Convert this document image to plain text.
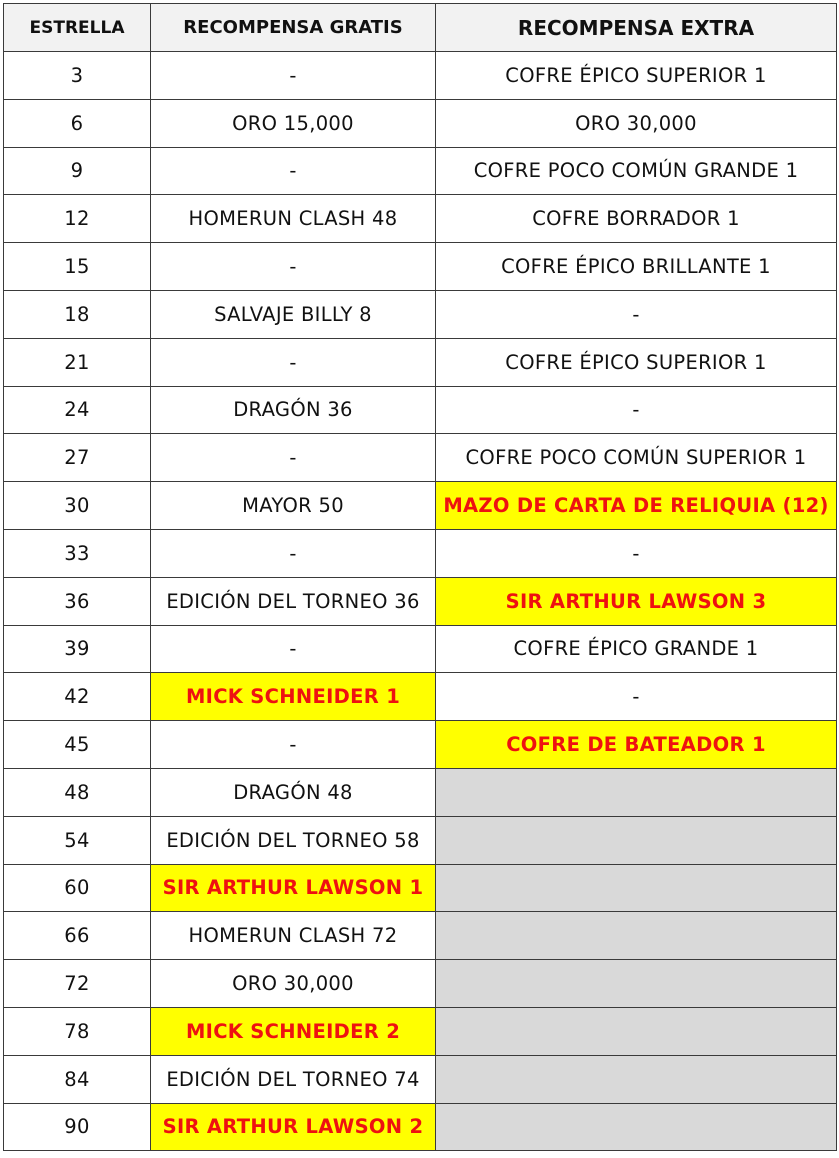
ESTRELLA	RECOMPENSA GRATIS	RECOMPENSA EXTRA
3	-	COFRE ÉPICO SUPERIOR 1
6	ORO 15,000	ORO 30,000
9	-	COFRE POCO COMÚN GRANDE 1
12	HOMERUN CLASH 48	COFRE BORRADOR 1
15	-	COFRE ÉPICO BRILLANTE 1
18	SALVAJE BILLY 8	-
21	-	COFRE ÉPICO SUPERIOR 1
24	DRAGÓN 36	-
27	-	COFRE POCO COMÚN SUPERIOR 1
30	MAYOR 50	MAZO DE CARTA DE RELIQUIA (12)
33	-	-
36	EDICIÓN DEL TORNEO 36	SIR ARTHUR LAWSON 3
39	-	COFRE ÉPICO GRANDE 1
42	MICK SCHNEIDER 1	-
45	-	COFRE DE BATEADOR 1
48	DRAGÓN 48	
54	EDICIÓN DEL TORNEO 58	
60	SIR ARTHUR LAWSON 1	
66	HOMERUN CLASH 72	
72	ORO 30,000	
78	MICK SCHNEIDER 2	
84	EDICIÓN DEL TORNEO 74	
90	SIR ARTHUR LAWSON 2	
